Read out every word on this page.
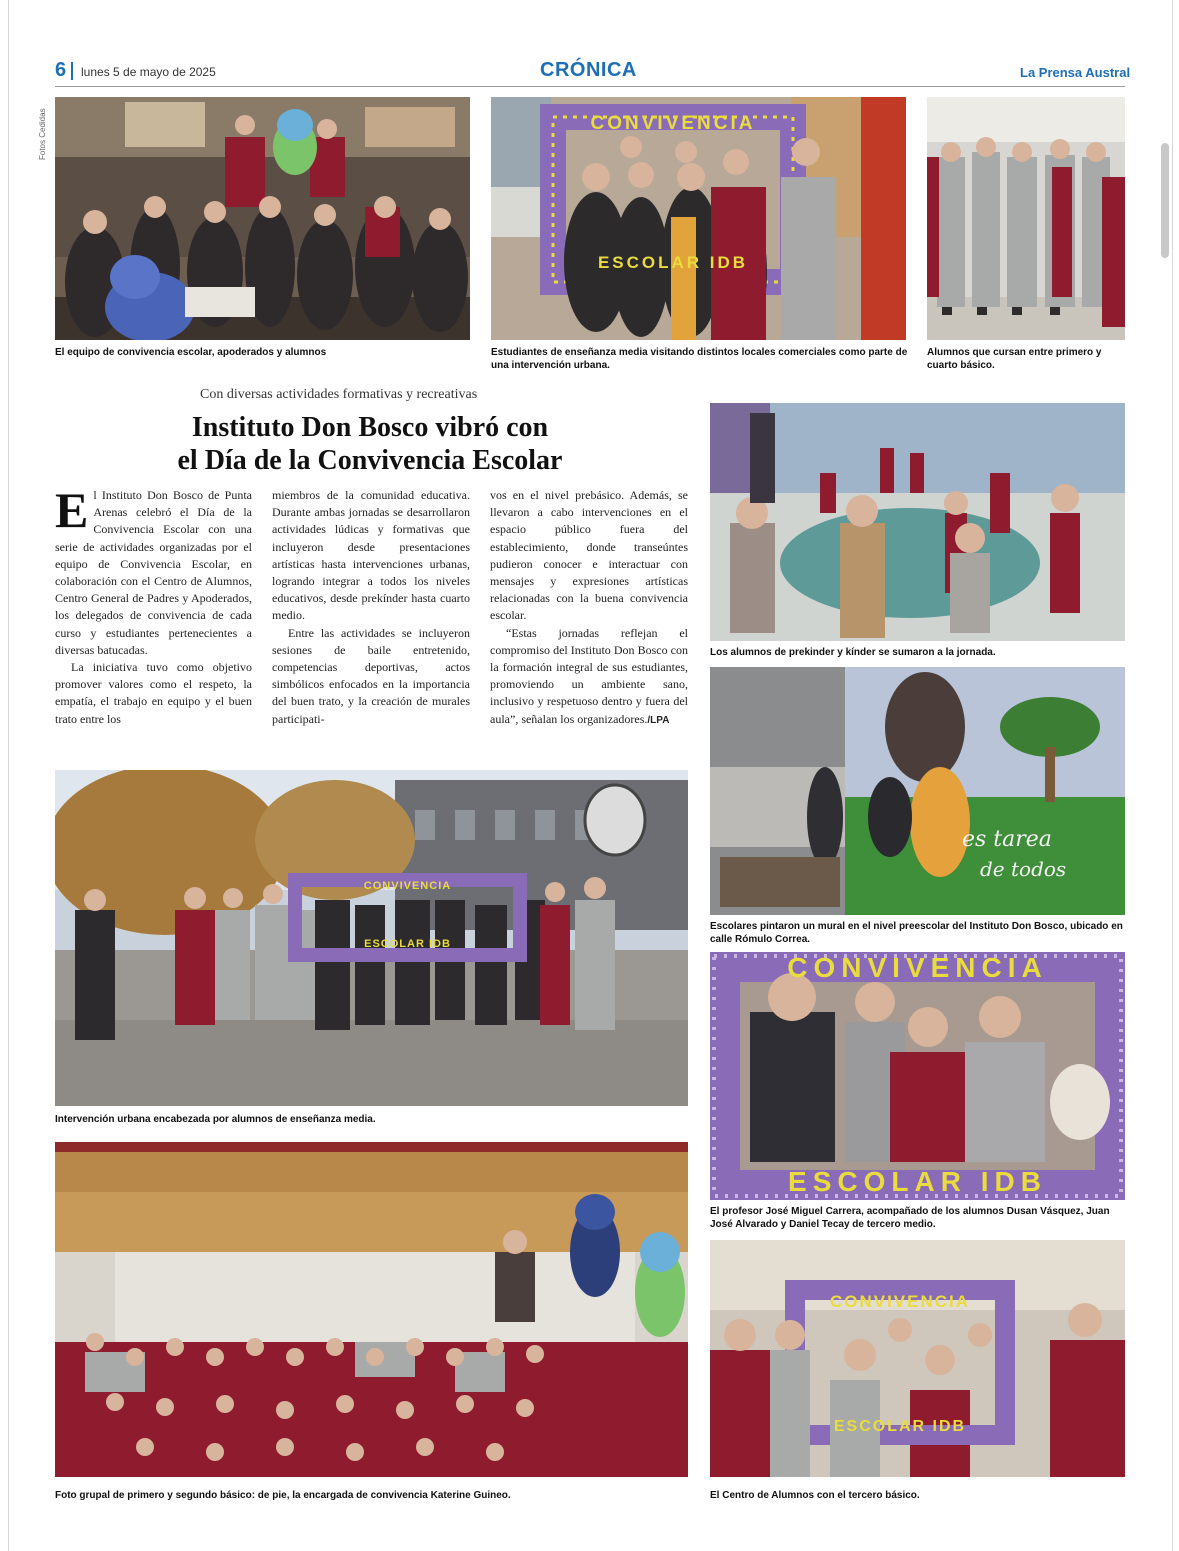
6 lunes 5 de mayo de 2025	CRÓNICA	La Prensa Austral
Fotos Cedidas
El equipo de convivencia escolar, apoderados y alumnos
CONVIVENCIA
ESCOLAR IDB
Estudiantes de enseñanza media visitando distintos locales comerciales como parte de una intervención urbana.
Alumnos que cursan entre primero y cuarto básico.
Con diversas actividades formativas y recreativas
Instituto Don Bosco vibró con
el Día de la Convivencia Escolar

El Instituto Don Bosco de Punta Arenas celebró el Día de la Convivencia Escolar con una serie de actividades organizadas por el equipo de Convivencia Escolar, en colaboración con el Centro de Alumnos, Centro General de Padres y Apoderados, los delegados de convivencia de cada curso y estudiantes pertenecientes a diversas batucadas.

La iniciativa tuvo como objetivo promover valores como el respeto, la empatía, el trabajo en equipo y el buen trato entre los

miembros de la comunidad educativa. Durante ambas jornadas se desarrollaron actividades lúdicas y formativas que incluyeron desde presentaciones artísticas hasta intervenciones urbanas, logrando integrar a todos los niveles educativos, desde prekínder hasta cuarto medio.

Entre las actividades se incluyeron sesiones de baile entretenido, competencias deportivas, actos simbólicos enfocados en la importancia del buen trato, y la creación de murales participati-

vos en el nivel prebásico. Además, se llevaron a cabo intervenciones en el espacio público fuera del establecimiento, donde transeúntes pudieron conocer e interactuar con mensajes y expresiones artísticas relacionadas con la buena convivencia escolar.

“Estas jornadas reflejan el compromiso del Instituto Don Bosco con la formación integral de sus estudiantes, promoviendo un ambiente sano, inclusivo y respetuoso dentro y fuera del aula”, señalan los organizadores./LPA

Los alumnos de prekinder y kínder se sumaron a la jornada.
es tarea
de todos
Escolares pintaron un mural en el nivel preescolar del Instituto Don Bosco, ubicado en calle Rómulo Correa.
CONVIVENCIA
ESCOLAR IDB
Intervención urbana encabezada por alumnos de enseñanza media.
CONVIVENCIA
ESCOLAR IDB
El profesor José Miguel Carrera, acompañado de los alumnos Dusan Vásquez, Juan José Alvarado y Daniel Tecay de tercero medio.
Foto grupal de primero y segundo básico: de pie, la encargada de convivencia Katerine Guineo.
CONVIVENCIA
ESCOLAR IDB
El Centro de Alumnos con el tercero básico.
